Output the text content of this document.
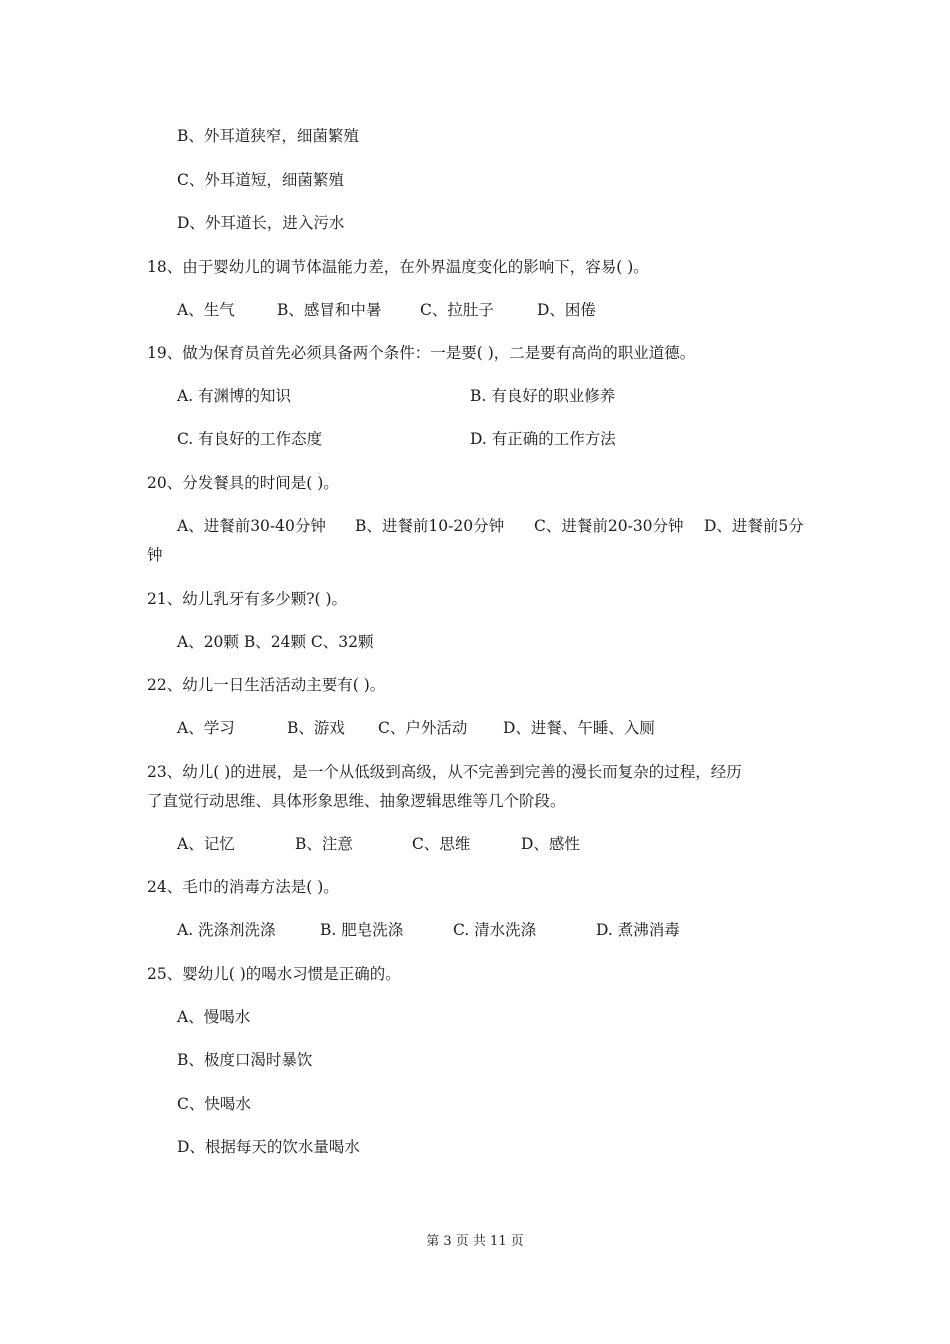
B、外耳道狭窄，细菌繁殖
C、外耳道短，细菌繁殖
D、外耳道长，进入污水
18、由于婴幼儿的调节体温能力差，在外界温度变化的影响下，容易( )。
A、生气	B、感冒和中暑 C、拉肚子	D、困倦
19、做为保育员首先必须具备两个条件：一是要( )，二是要有高尚的职业道德。
A. 有渊博的知识	B. 有良好的职业修养
C. 有良好的工作态度	D. 有正确的工作方法
20、分发餐具的时间是( )。
A、进餐前30-40分钟 B、进餐前10-20分钟 C、进餐前20-30分钟 D、进餐前5分
钟
21、幼儿乳牙有多少颗?( )。
A、20颗 B、24颗 C、32颗
22、幼儿一日生活活动主要有( )。
A、学习	B、游戏 C、户外活动 D、进餐、午睡、入厕
23、幼儿( )的进展，是一个从低级到高级，从不完善到完善的漫长而复杂的过程，经历
了直觉行动思维、具体形象思维、抽象逻辑思维等几个阶段。
A、记忆	B、注意	C、思维	D、感性
24、毛巾的消毒方法是( )。
A. 洗涤剂洗涤	B. 肥皂洗涤	C. 清水洗涤	D. 煮沸消毒
25、婴幼儿( )的喝水习惯是正确的。
A、慢喝水
B、极度口渴时暴饮
C、快喝水
D、根据每天的饮水量喝水
第 3 页 共 11 页
